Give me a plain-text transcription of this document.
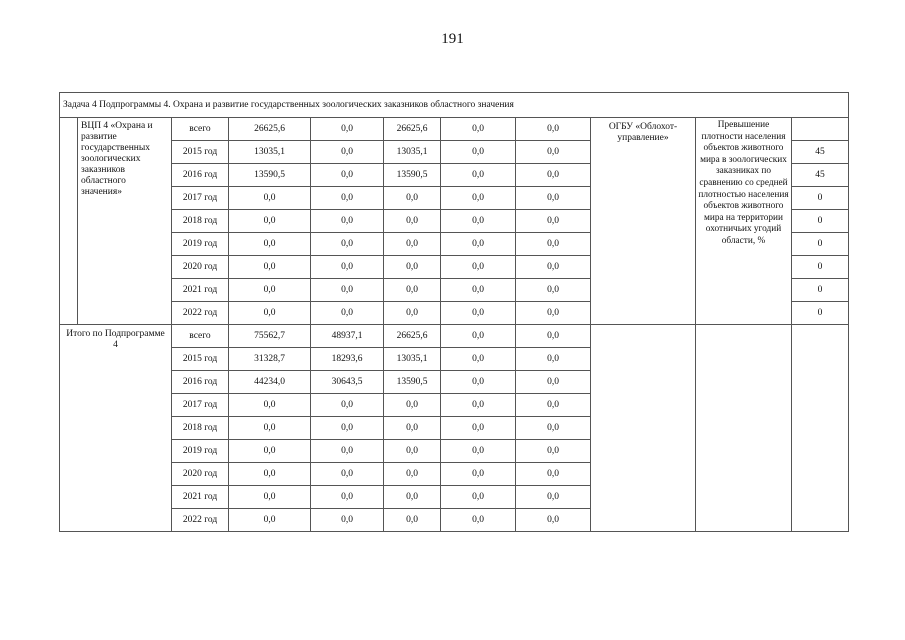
191
Задача 4 Подпрограммы 4. Охрана и развитие государственных зоологических заказников областного значения										
	ВЦП 4 «Охрана и развитие государственных зоологических заказников областного значения»	всего	26625,6	0,0	26625,6	0,0	0,0	ОГБУ «Облохот-управление»	Превышение плотности населения объектов животного мира в зоологических заказниках по сравнению со средней плотностью населения объектов животного мира на территории охотничьих угодий области, %	
		2015 год	13035,1	0,0	13035,1	0,0	0,0			45
		2016 год	13590,5	0,0	13590,5	0,0	0,0			45
		2017 год	0,0	0,0	0,0	0,0	0,0			0
		2018 год	0,0	0,0	0,0	0,0	0,0			0
		2019 год	0,0	0,0	0,0	0,0	0,0			0
		2020 год	0,0	0,0	0,0	0,0	0,0			0
		2021 год	0,0	0,0	0,0	0,0	0,0			0
		2022 год	0,0	0,0	0,0	0,0	0,0			0
Итого по Подпрограмме 4		всего	75562,7	48937,1	26625,6	0,0	0,0			
		2015 год	31328,7	18293,6	13035,1	0,0	0,0			
		2016 год	44234,0	30643,5	13590,5	0,0	0,0			
		2017 год	0,0	0,0	0,0	0,0	0,0			
		2018 год	0,0	0,0	0,0	0,0	0,0			
		2019 год	0,0	0,0	0,0	0,0	0,0			
		2020 год	0,0	0,0	0,0	0,0	0,0			
		2021 год	0,0	0,0	0,0	0,0	0,0			
		2022 год	0,0	0,0	0,0	0,0	0,0			
